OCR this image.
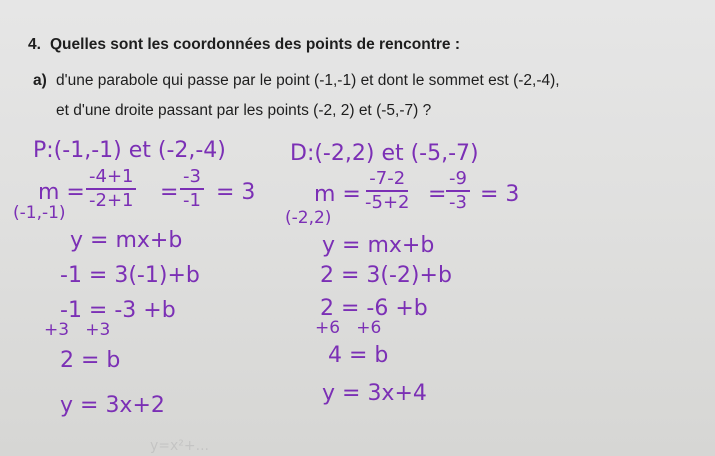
4. Quelles sont les coordonnées des points de rencontre :
a) d'une parabole qui passe par le point (-1,-1) et dont le sommet est (-2,-4),
et d'une droite passant par les points (-2, 2) et (-5,-7) ?
P:(-1,-1) et (-2,-4)
$m = \frac{-4+1}{-2+1} = \frac{-3}{-1} = 3$
(-1,-1)
y = mx+b
-1 = 3(-1)+b
-1 = -3 +b
+3   +3
2 = b
y = 3x+2
D:(-2,2) et (-5,-7)
$m = \frac{-7-2}{-5+2} = \frac{-9}{-3} = 3$
(-2,2)
y = mx+b
2 = 3(-2)+b
2 = -6 +b
+6   +6
4 = b
y = 3x+4
y=x²+...
